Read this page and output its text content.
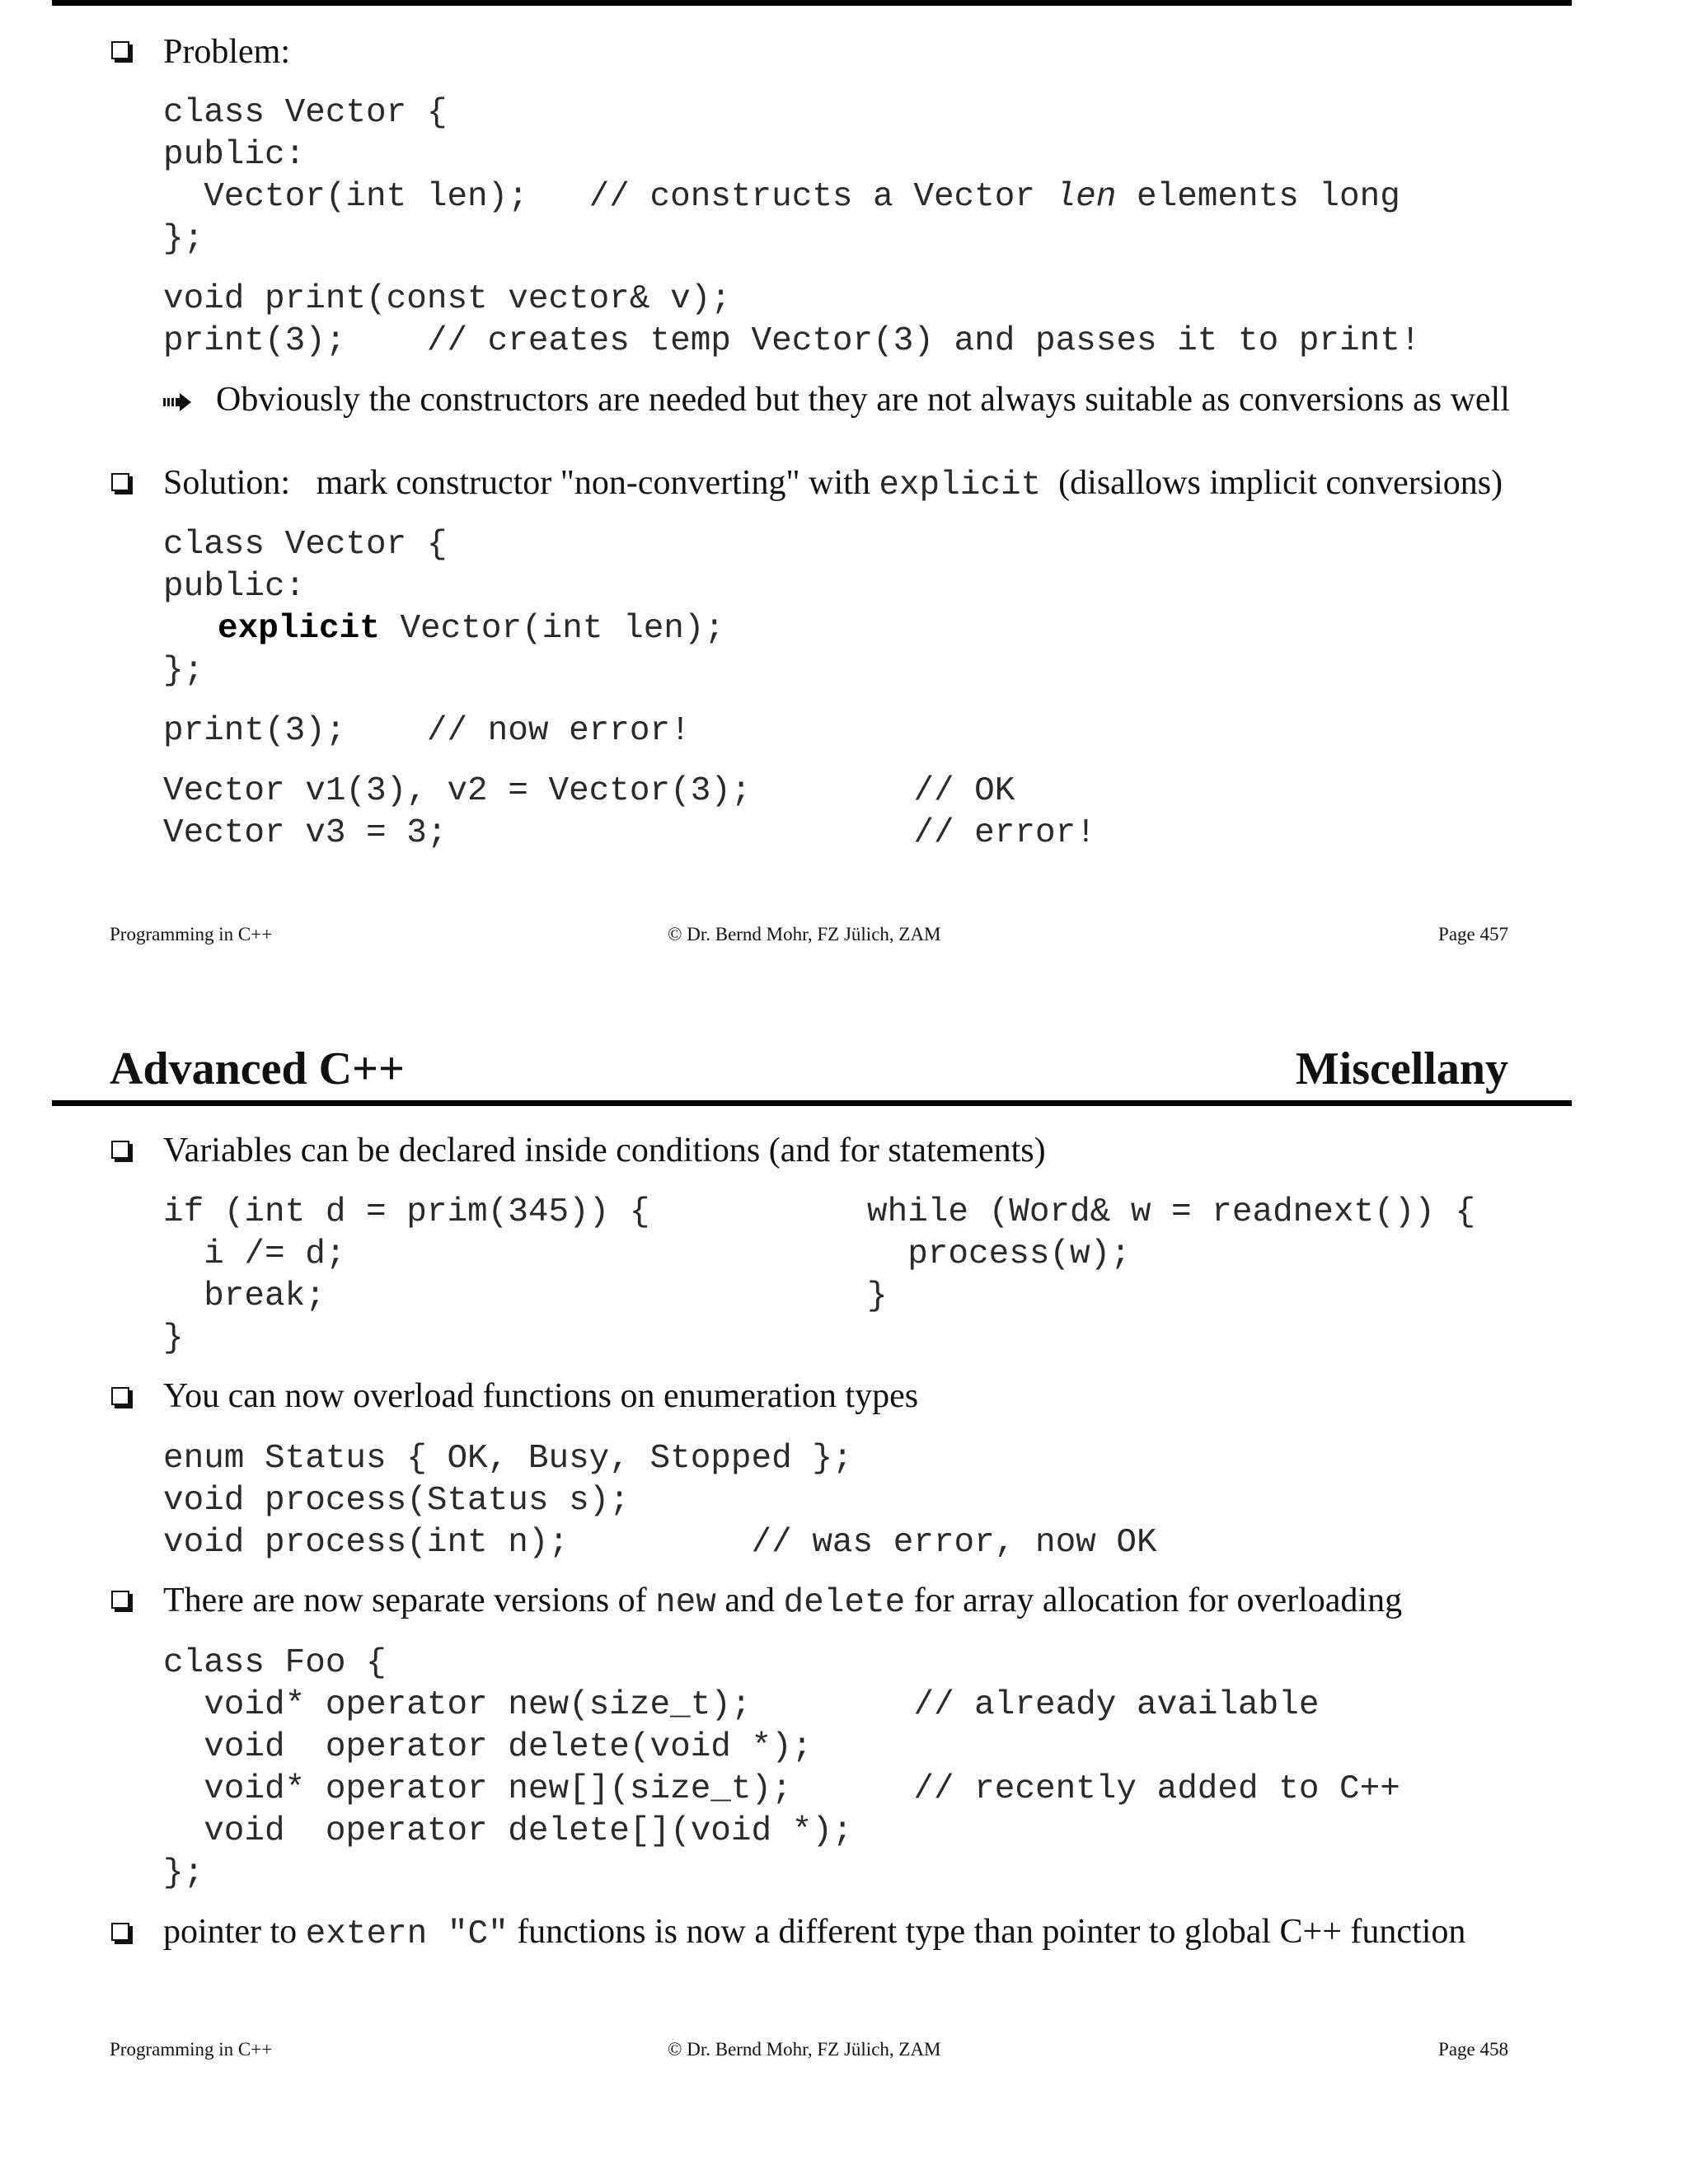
Problem:
class Vector {
public:
Vector(int len);   // constructs a Vector len elements long
};
void print(const vector& v);
print(3);    // creates temp Vector(3) and passes it to print!
Obviously the constructors are needed but they are not always suitable as conversions as well
Solution:   mark constructor "non-converting" with explicit  (disallows implicit conversions)
class Vector {
public:
explicit Vector(int len);
};
print(3);    // now error!
Vector v1(3), v2 = Vector(3);        // OK
Vector v3 = 3;                       // error!
Programming in C++	© Dr. Bernd Mohr, FZ Jülich, ZAM	Page 457
Advanced C++	Miscellany
Variables can be declared inside conditions (and for statements)
if (int d = prim(345)) {
i /= d;
break;
}
while (Word& w = readnext()) {
process(w);
}
You can now overload functions on enumeration types
enum Status { OK, Busy, Stopped };
void process(Status s);
void process(int n);         // was error, now OK
There are now separate versions of new and delete for array allocation for overloading
class Foo {
void* operator new(size_t);        // already available
void  operator delete(void *);
void* operator new[](size_t);      // recently added to C++
void  operator delete[](void *);
};
pointer to extern "C" functions is now a different type than pointer to global C++ function
Programming in C++	© Dr. Bernd Mohr, FZ Jülich, ZAM	Page 458
